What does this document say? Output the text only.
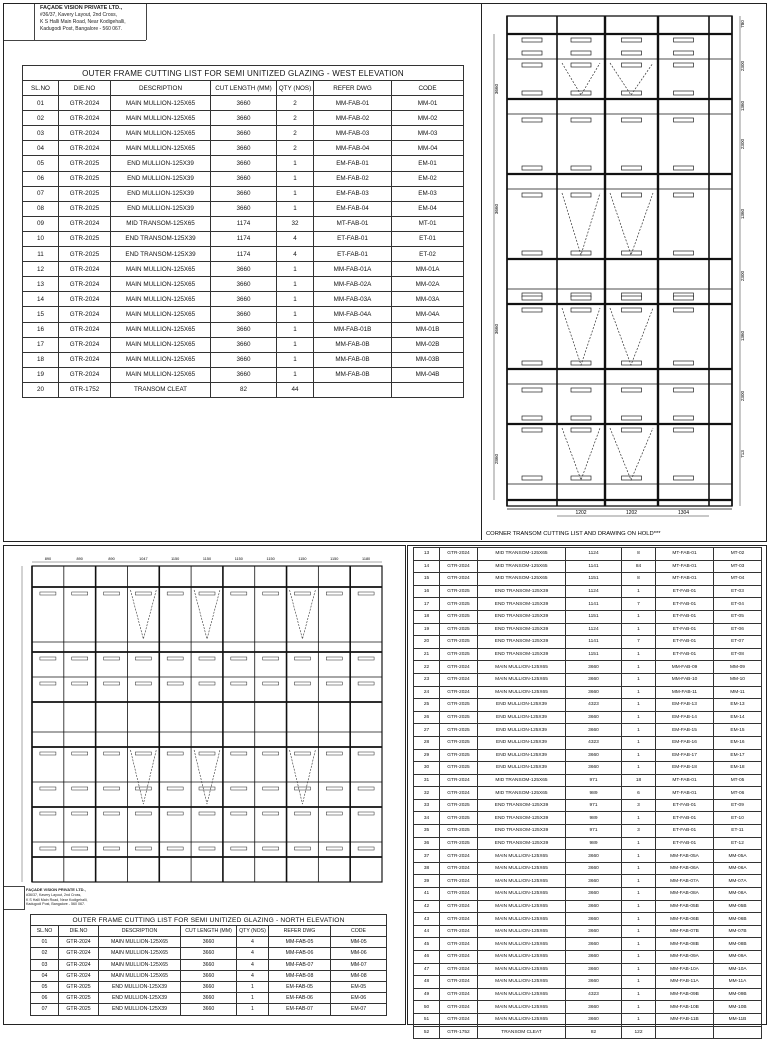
FAÇADE VISION PRIVATE LTD.,
#36/37, Kavery Layout, 2nd Cross,
K S Halli Main Road, Near Kodigehalli,
Kadugodi Post, Bangalore - 560 067.
OUTER FRAME CUTTING LIST FOR SEMI UNITIZED GLAZING - WEST ELEVATION						
SL.NO	DIE.NO	DESCRIPTION	CUT LENGTH (MM)	QTY (NOS)	REFER DWG	CODE
01	GTR-2024	MAIN MULLION-125X65	3660	2	MM-FAB-01	MM-01
02	GTR-2024	MAIN MULLION-125X65	3660	2	MM-FAB-02	MM-02
03	GTR-2024	MAIN MULLION-125X65	3660	2	MM-FAB-03	MM-03
04	GTR-2024	MAIN MULLION-125X65	3660	2	MM-FAB-04	MM-04
05	GTR-2025	END MULLION-125X39	3660	1	EM-FAB-01	EM-01
06	GTR-2025	END MULLION-125X39	3660	1	EM-FAB-02	EM-02
07	GTR-2025	END MULLION-125X39	3660	1	EM-FAB-03	EM-03
08	GTR-2025	END MULLION-125X39	3660	1	EM-FAB-04	EM-04
09	GTR-2024	MID TRANSOM-125X65	1174	32	MT-FAB-01	MT-01
10	GTR-2025	END TRANSOM-125X39	1174	4	ET-FAB-01	ET-01
11	GTR-2025	END TRANSOM-125X39	1174	4	ET-FAB-01	ET-02
12	GTR-2024	MAIN MULLION-125X65	3660	1	MM-FAB-01A	MM-01A
13	GTR-2024	MAIN MULLION-125X65	3660	1	MM-FAB-02A	MM-02A
14	GTR-2024	MAIN MULLION-125X65	3660	1	MM-FAB-03A	MM-03A
15	GTR-2024	MAIN MULLION-125X65	3660	1	MM-FAB-04A	MM-04A
16	GTR-2024	MAIN MULLION-125X65	3660	1	MM-FAB-01B	MM-01B
17	GTR-2024	MAIN MULLION-125X65	3660	1	MM-FAB-0B	MM-02B
18	GTR-2024	MAIN MULLION-125X65	3660	1	MM-FAB-0B	MM-03B
19	GTR-2024	MAIN MULLION-125X65	3660	1	MM-FAB-0B	MM-04B
20	GTR-1752	TRANSOM CLEAT	82	44		
1202	1202	1304
780
2300
1360
2300
1360
2300
1360
2300
713
3660
3660
3660
2860
CORNER TRANSOM CUTTING LIST AND DRAWING ON HOLD***
890	890	890	1047	1150	1150	1150	1150	1150	1150	1180
FAÇADE VISION PRIVATE LTD.,
#36/37, Kavery Layout, 2nd Cross,
K S Halli Main Road, Near Kodigehalli,
Kadugodi Post, Bangalore - 560 067.
OUTER FRAME CUTTING LIST FOR SEMI UNITIZED GLAZING - NORTH ELEVATION						
SL.NO	DIE.NO	DESCRIPTION	CUT LENGTH (MM)	QTY (NOS)	REFER DWG	CODE
01	GTR-2024	MAIN MULLION-125X65	3660	4	MM-FAB-05	MM-05
02	GTR-2024	MAIN MULLION-125X65	3660	4	MM-FAB-06	MM-06
03	GTR-2024	MAIN MULLION-125X65	3660	4	MM-FAB-07	MM-07
04	GTR-2024	MAIN MULLION-125X65	3660	4	MM-FAB-08	MM-08
05	GTR-2025	END MULLION-125X39	3660	1	EM-FAB-05	EM-05
06	GTR-2025	END MULLION-125X39	3660	1	EM-FAB-06	EM-06
07	GTR-2025	END MULLION-125X39	3660	1	EM-FAB-07	EM-07
13	GTR-2024	MID TRANSOM-125X65	1124	8	MT-FAB-01	MT-02
14	GTR-2024	MID TRANSOM-125X65	1141	84	MT-FAB-01	MT-03
15	GTR-2024	MID TRANSOM-125X65	1151	8	MT-FAB-01	MT-04
16	GTR-2025	END TRANSOM-125X39	1124	1	ET-FAB-01	ET-03
17	GTR-2025	END TRANSOM-125X39	1141	7	ET-FAB-01	ET-04
18	GTR-2025	END TRANSOM-125X39	1151	1	ET-FAB-01	ET-05
19	GTR-2025	END TRANSOM-125X39	1124	1	ET-FAB-01	ET-06
20	GTR-2025	END TRANSOM-125X39	1141	7	ET-FAB-01	ET-07
21	GTR-2025	END TRANSOM-125X39	1151	1	ET-FAB-01	ET-08
22	GTR-2024	MAIN MULLION-125X65	3660	1	MM-FAB-09	MM-09
23	GTR-2024	MAIN MULLION-125X65	3660	1	MM-FAB-10	MM-10
24	GTR-2024	MAIN MULLION-125X65	3660	1	MM-FAB-11	MM-11
25	GTR-2025	END MULLION-125X39	4323	1	EM-FAB-13	EM-13
26	GTR-2025	END MULLION-125X39	3660	1	EM-FAB-14	EM-14
27	GTR-2025	END MULLION-125X39	3660	1	EM-FAB-15	EM-15
28	GTR-2025	END MULLION-125X39	4323	1	EM-FAB-16	EM-16
29	GTR-2025	END MULLION-125X39	3660	1	EM-FAB-17	EM-17
30	GTR-2025	END MULLION-125X39	3660	1	EM-FAB-18	EM-18
31	GTR-2024	MID TRANSOM-125X65	971	18	MT-FAB-01	MT-05
32	GTR-2024	MID TRANSOM-125X65	989	6	MT-FAB-01	MT-06
33	GTR-2025	END TRANSOM-125X39	971	3	ET-FAB-01	ET-09
34	GTR-2025	END TRANSOM-125X39	989	1	ET-FAB-01	ET-10
35	GTR-2025	END TRANSOM-125X39	971	3	ET-FAB-01	ET-11
36	GTR-2025	END TRANSOM-125X39	989	1	ET-FAB-01	ET-12
37	GTR-2024	MAIN MULLION-125X65	3660	1	MM-FAB-05A	MM-05A
38	GTR-2024	MAIN MULLION-125X65	3660	1	MM-FAB-06A	MM-06A
39	GTR-2024	MAIN MULLION-125X65	3660	1	MM-FAB-07A	MM-07A
41	GTR-2024	MAIN MULLION-125X65	3660	1	MM-FAB-08A	MM-08A
42	GTR-2024	MAIN MULLION-125X65	3660	1	MM-FAB-05B	MM-05B
43	GTR-2024	MAIN MULLION-125X65	3660	1	MM-FAB-06B	MM-06B
44	GTR-2024	MAIN MULLION-125X65	3660	1	MM-FAB-07B	MM-07B
45	GTR-2024	MAIN MULLION-125X65	3660	1	MM-FAB-08B	MM-08B
46	GTR-2024	MAIN MULLION-125X65	3660	1	MM-FAB-09A	MM-09A
47	GTR-2024	MAIN MULLION-125X65	3660	1	MM-FAB-10A	MM-10A
48	GTR-2024	MAIN MULLION-125X65	3660	1	MM-FAB-11A	MM-11A
49	GTR-2024	MAIN MULLION-125X65	4323	1	MM-FAB-09B	MM-09B
50	GTR-2024	MAIN MULLION-125X65	3660	1	MM-FAB-10B	MM-10B
51	GTR-2024	MAIN MULLION-125X65	3660	1	MM-FAB-11B	MM-11B
52	GTR-1752	TRANSOM CLEAT	82	122		
